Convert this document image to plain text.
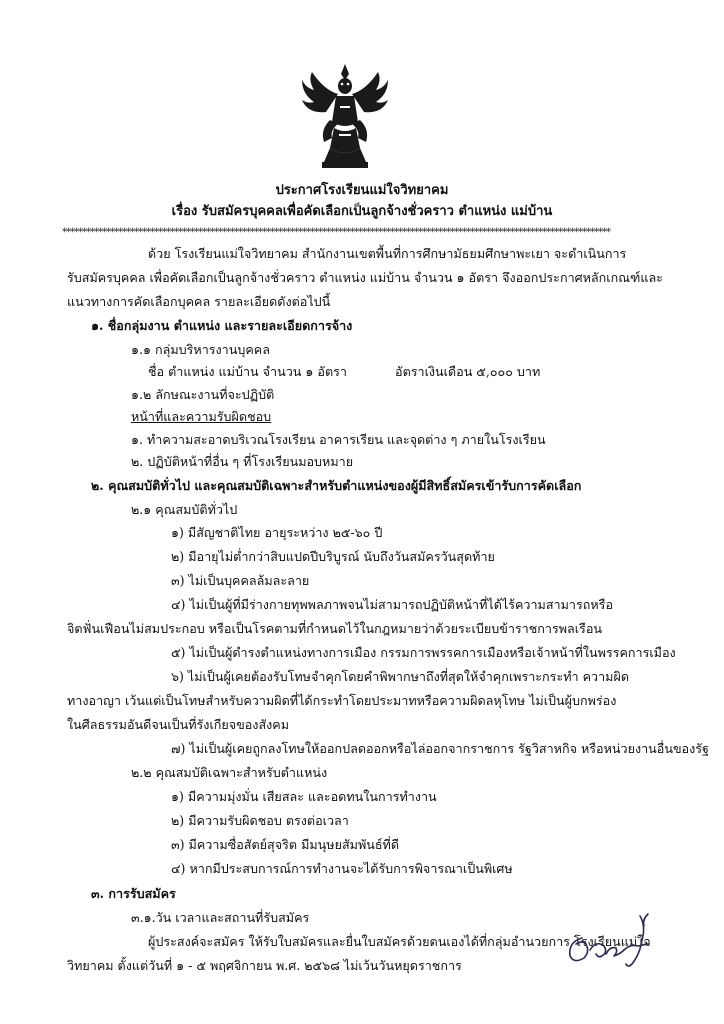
ประกาศโรงเรียนแม่ใจวิทยาคม
เรื่อง รับสมัครบุคคลเพื่อคัดเลือกเป็นลูกจ้างชั่วคราว ตำแหน่ง แม่บ้าน
*****************************************************************************************************************************************
ด้วย โรงเรียนแม่ใจวิทยาคม สำนักงานเขตพื้นที่การศึกษามัธยมศึกษาพะเยา จะดำเนินการ
รับสมัครบุคคล เพื่อคัดเลือกเป็นลูกจ้างชั่วคราว ตำแหน่ง แม่บ้าน จำนวน ๑ อัตรา จึงออกประกาศหลักเกณฑ์และ
แนวทางการคัดเลือกบุคคล รายละเอียดดังต่อไปนี้
๑. ชื่อกลุ่มงาน ตำแหน่ง และรายละเอียดการจ้าง
๑.๑ กลุ่มบริหารงานบุคคล
ชื่อ ตำแหน่ง แม่บ้าน จำนวน ๑ อัตรา	อัตราเงินเดือน ๕,๐๐๐ บาท
๑.๒ ลักษณะงานที่จะปฏิบัติ
หน้าที่และความรับผิดชอบ
๑. ทำความสะอาดบริเวณโรงเรียน อาคารเรียน และจุดต่าง ๆ ภายในโรงเรียน
๒. ปฏิบัติหน้าที่อื่น ๆ ที่โรงเรียนมอบหมาย
๒. คุณสมบัติทั่วไป และคุณสมบัติเฉพาะสำหรับตำแหน่งของผู้มีสิทธิ์สมัครเข้ารับการคัดเลือก
๒.๑ คุณสมบัติทั่วไป
๑) มีสัญชาติไทย อายุระหว่าง ๒๕-๖๐ ปี
๒) มีอายุไม่ต่ำกว่าสิบแปดปีบริบูรณ์ นับถึงวันสมัครวันสุดท้าย
๓) ไม่เป็นบุคคลล้มละลาย
๔) ไม่เป็นผู้ที่มีร่างกายทุพพลภาพจนไม่สามารถปฏิบัติหน้าที่ได้ไร้ความสามารถหรือ
จิตฟั่นเฟือนไม่สมประกอบ หรือเป็นโรคตามที่กำหนดไว้ในกฎหมายว่าด้วยระเบียบข้าราชการพลเรือน
๕) ไม่เป็นผู้ดำรงตำแหน่งทางการเมือง กรรมการพรรคการเมืองหรือเจ้าหน้าที่ในพรรคการเมือง
๖) ไม่เป็นผู้เคยต้องรับโทษจำคุกโดยคำพิพากษาถึงที่สุดให้จำคุกเพราะกระทำ ความผิด
ทางอาญา เว้นแต่เป็นโทษสำหรับความผิดที่ได้กระทำโดยประมาทหรือความผิดลหุโทษ ไม่เป็นผู้บกพร่อง
ในศีลธรรมอันดีจนเป็นที่รังเกียจของสังคม
๗) ไม่เป็นผู้เคยถูกลงโทษให้ออกปลดออกหรือไล่ออกจากราชการ รัฐวิสาหกิจ หรือหน่วยงานอื่นของรัฐ
๒.๒ คุณสมบัติเฉพาะสำหรับตำแหน่ง
๑) มีความมุ่งมั่น เสียสละ และอดทนในการทำงาน
๒) มีความรับผิดชอบ ตรงต่อเวลา
๓) มีความซื่อสัตย์สุจริต มีมนุษยสัมพันธ์ที่ดี
๔) หากมีประสบการณ์การทำงานจะได้รับการพิจารณาเป็นพิเศษ
๓. การรับสมัคร
๓.๑.วัน เวลาและสถานที่รับสมัคร
ผู้ประสงค์จะสมัคร ให้รับใบสมัครและยื่นใบสมัครด้วยตนเองได้ที่กลุ่มอำนวยการ โรงเรียนแม่ใจ
วิทยาคม ตั้งแต่วันที่ ๑ - ๕ พฤศจิกายน พ.ศ. ๒๕๖๘ ไม่เว้นวันหยุดราชการ
